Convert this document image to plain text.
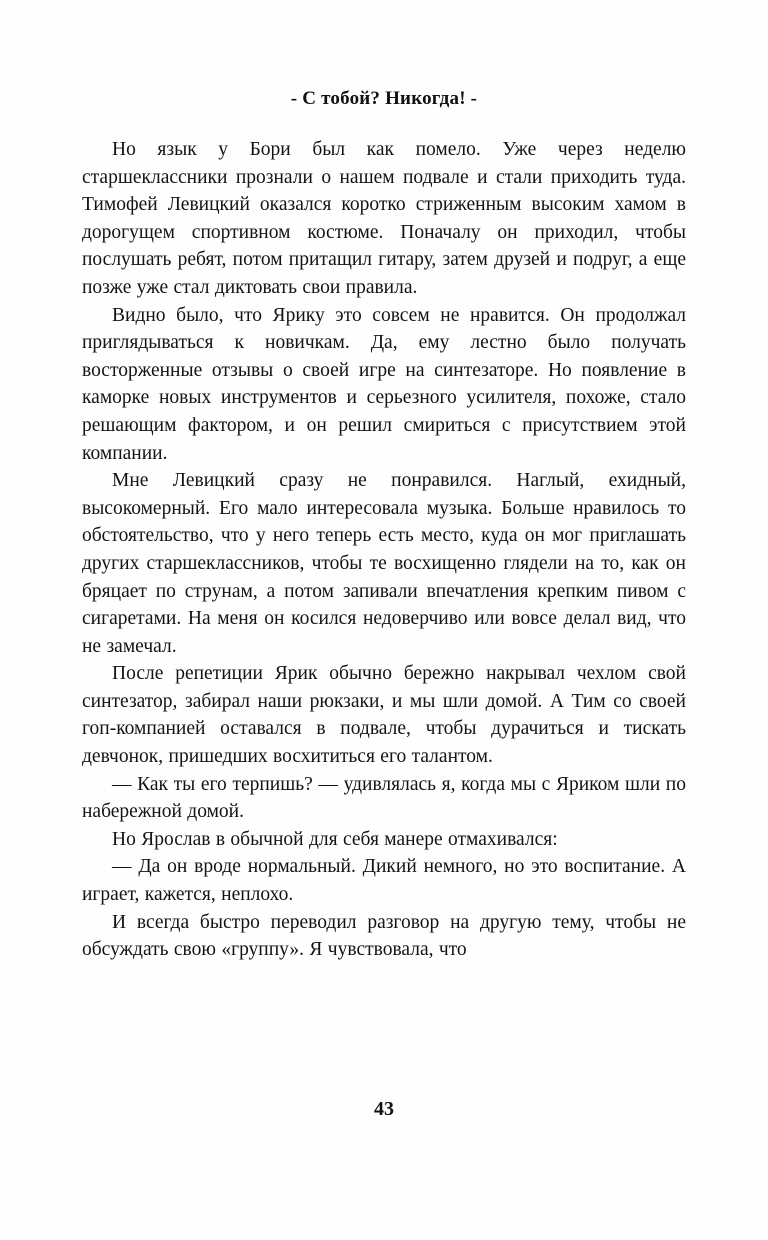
- С тобой? Никогда! -

Но язык у Бори был как помело. Уже через неделю старшеклассники прознали о нашем подвале и стали приходить туда. Тимофей Левицкий оказался коротко стриженным высоким хамом в дорогущем спортивном костюме. Поначалу он приходил, чтобы послушать ребят, потом притащил гитару, затем друзей и подруг, а еще позже уже стал диктовать свои правила.

Видно было, что Ярику это совсем не нравится. Он продолжал приглядываться к новичкам. Да, ему лестно было получать восторженные отзывы о своей игре на синтезаторе. Но появление в каморке новых инструментов и серьезного усилителя, похоже, стало решающим фактором, и он решил смириться с присутствием этой компании.

Мне Левицкий сразу не понравился. Наглый, ехидный, высокомерный. Его мало интересовала музыка. Больше нравилось то обстоятельство, что у него теперь есть место, куда он мог приглашать других старшеклассников, чтобы те восхищенно глядели на то, как он бряцает по струнам, а потом запивали впечатления крепким пивом с сигаретами. На меня он косился недоверчиво или вовсе делал вид, что не замечал.

После репетиции Ярик обычно бережно накрывал чехлом свой синтезатор, забирал наши рюкзаки, и мы шли домой. А Тим со своей гоп-компанией оставался в подвале, чтобы дурачиться и тискать девчонок, пришедших восхититься его талантом.

— Как ты его терпишь? — удивлялась я, когда мы с Яриком шли по набережной домой.

Но Ярослав в обычной для себя манере отмахивался:

— Да он вроде нормальный. Дикий немного, но это воспитание. А играет, кажется, неплохо.

И всегда быстро переводил разговор на другую тему, чтобы не обсуждать свою «группу». Я чувствовала, что

43
